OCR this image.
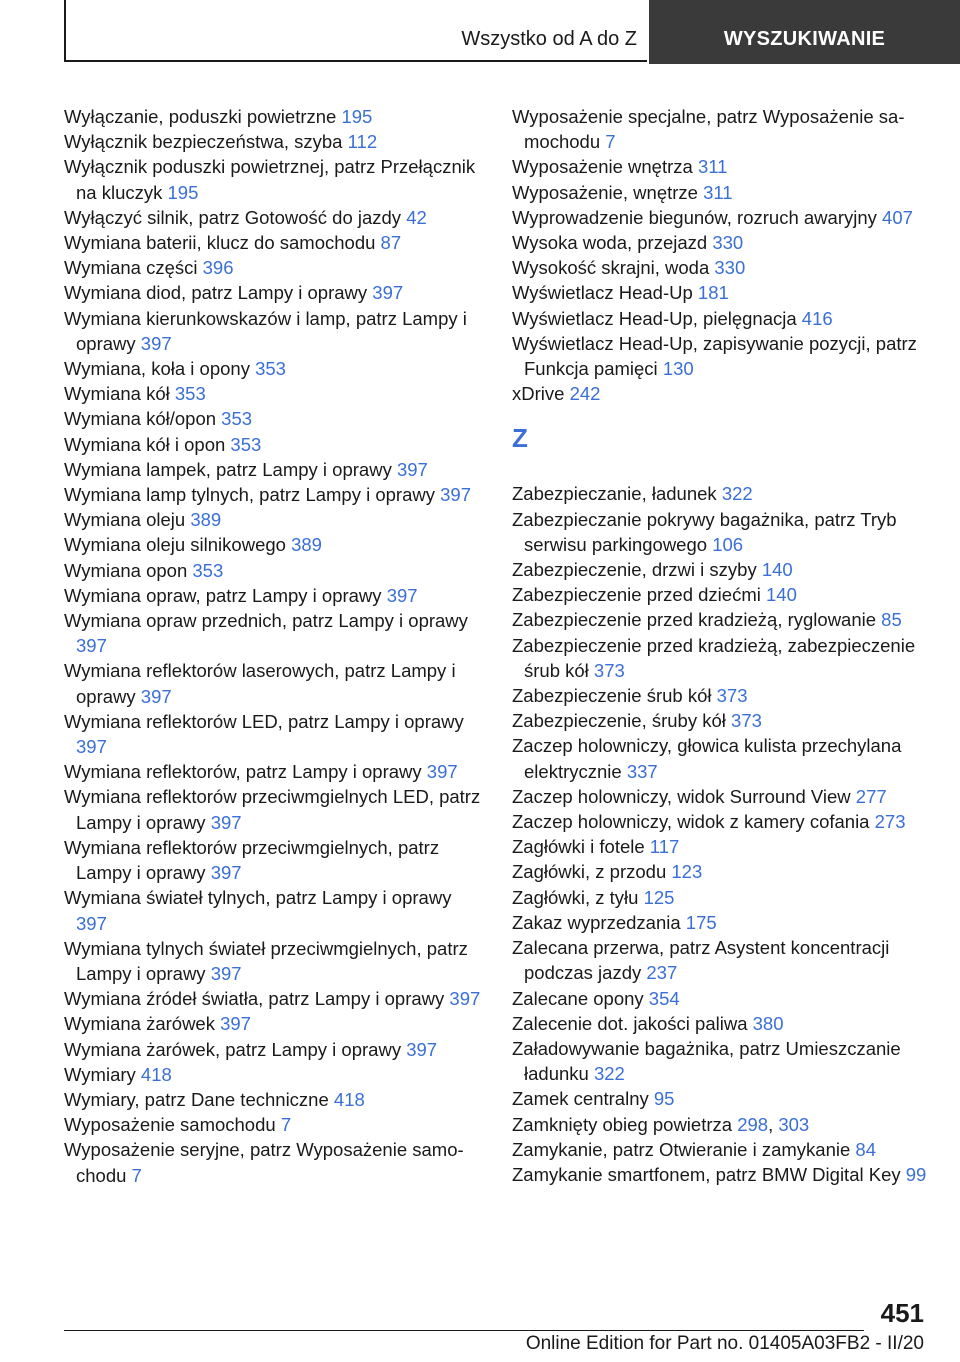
Wszystko od A do Z	WYSZUKIWANIE

Wyłączanie, poduszki powietrzne 195

Wyłącznik bezpieczeństwa, szyba 112

Wyłącznik poduszki powietrznej, patrz Przełącznik na kluczyk 195

Wyłączyć silnik, patrz Gotowość do jazdy 42

Wymiana baterii, klucz do samochodu 87

Wymiana części 396

Wymiana diod, patrz Lampy i oprawy 397

Wymiana kierunkowskazów i lamp, patrz Lampy i oprawy 397

Wymiana, koła i opony 353

Wymiana kół 353

Wymiana kół/opon 353

Wymiana kół i opon 353

Wymiana lampek, patrz Lampy i oprawy 397

Wymiana lamp tylnych, patrz Lampy i oprawy 397

Wymiana oleju 389

Wymiana oleju silnikowego 389

Wymiana opon 353

Wymiana opraw, patrz Lampy i oprawy 397

Wymiana opraw przednich, patrz Lampy i oprawy 397

Wymiana reflektorów laserowych, patrz Lampy i oprawy 397

Wymiana reflektorów LED, patrz Lampy i oprawy 397

Wymiana reflektorów, patrz Lampy i oprawy 397

Wymiana reflektorów przeciwmgielnych LED, patrz Lampy i oprawy 397

Wymiana reflektorów przeciwmgielnych, patrz Lampy i oprawy 397

Wymiana świateł tylnych, patrz Lampy i oprawy 397

Wymiana tylnych świateł przeciwmgielnych, patrz Lampy i oprawy 397

Wymiana źródeł światła, patrz Lampy i oprawy 397

Wymiana żarówek 397

Wymiana żarówek, patrz Lampy i oprawy 397

Wymiary 418

Wymiary, patrz Dane techniczne 418

Wyposażenie samochodu 7

Wyposażenie seryjne, patrz Wyposażenie samochodu 7

Wyposażenie specjalne, patrz Wyposażenie samochodu 7

Wyposażenie wnętrza 311

Wyposażenie, wnętrze 311

Wyprowadzenie biegunów, rozruch awaryjny 407

Wysoka woda, przejazd 330

Wysokość skrajni, woda 330

Wyświetlacz Head-Up 181

Wyświetlacz Head-Up, pielęgnacja 416

Wyświetlacz Head-Up, zapisywanie pozycji, patrz Funkcja pamięci 130

xDrive 242

Z

Zabezpieczanie, ładunek 322

Zabezpieczanie pokrywy bagażnika, patrz Tryb serwisu parkingowego 106

Zabezpieczenie, drzwi i szyby 140

Zabezpieczenie przed dziećmi 140

Zabezpieczenie przed kradzieżą, ryglowanie 85

Zabezpieczenie przed kradzieżą, zabezpieczenie śrub kół 373

Zabezpieczenie śrub kół 373

Zabezpieczenie, śruby kół 373

Zaczep holowniczy, głowica kulista przechylana elektrycznie 337

Zaczep holowniczy, widok Surround View 277

Zaczep holowniczy, widok z kamery cofania 273

Zagłówki i fotele 117

Zagłówki, z przodu 123

Zagłówki, z tyłu 125

Zakaz wyprzedzania 175

Zalecana przerwa, patrz Asystent koncentracji podczas jazdy 237

Zalecane opony 354

Zalecenie dot. jakości paliwa 380

Załadowywanie bagażnika, patrz Umieszczanie ładunku 322

Zamek centralny 95

Zamknięty obieg powietrza 298, 303

Zamykanie, patrz Otwieranie i zamykanie 84

Zamykanie smartfonem, patrz BMW Digital Key 99

451
Online Edition for Part no. 01405A03FB2 - II/20
